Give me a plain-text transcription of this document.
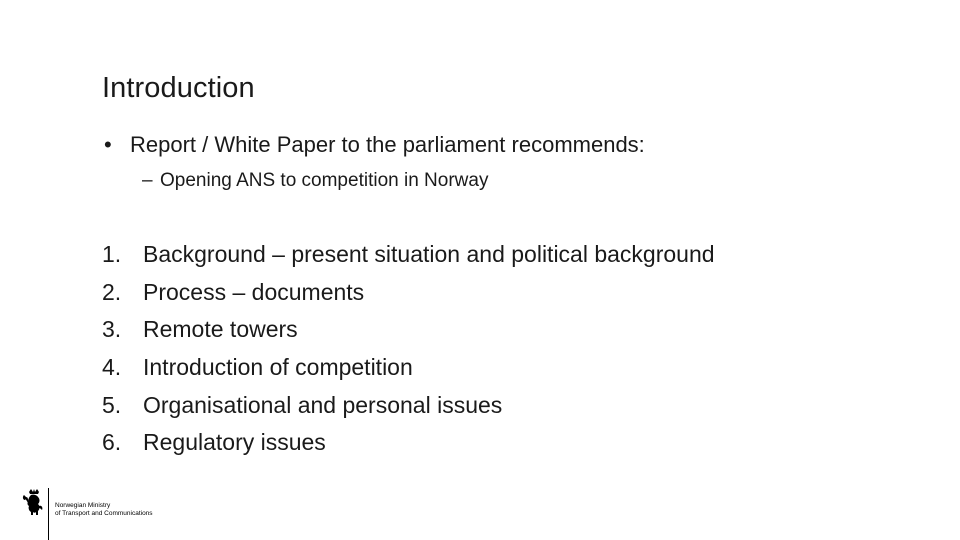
Introduction
• Report / White Paper to the parliament recommends:
– Opening ANS to competition in Norway
1. Background – present situation and political background
2. Process – documents
3. Remote towers
4. Introduction of competition
5. Organisational and personal issues
6. Regulatory issues
Norwegian Ministry
of Transport and Communications
